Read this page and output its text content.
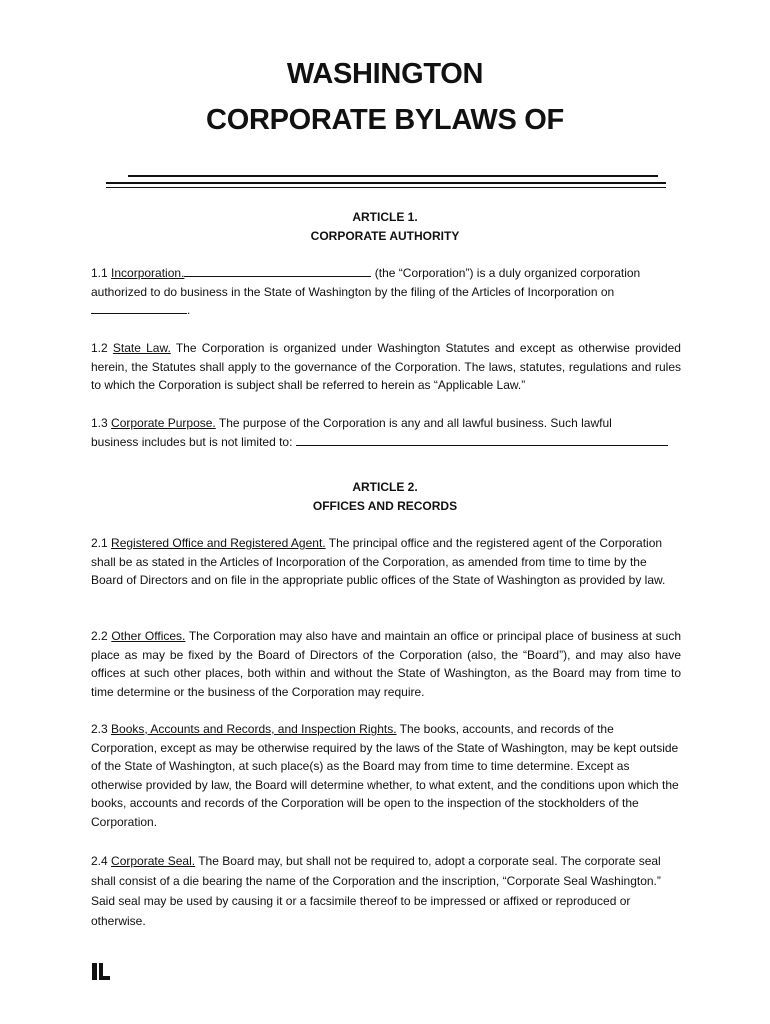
WASHINGTON
CORPORATE BYLAWS OF
ARTICLE 1.
CORPORATE AUTHORITY
1.1 Incorporation.	(the “Corporation”) is a duly organized corporation
authorized to do business in the State of Washington by the filing of the Articles of Incorporation on
.
1.2 State Law. The Corporation is organized under Washington Statutes and except as otherwise provided herein, the Statutes shall apply to the governance of the Corporation. The laws, statutes, regulations and rules to which the Corporation is subject shall be referred to herein as “Applicable Law.”
1.3 Corporate Purpose. The purpose of the Corporation is any and all lawful business. Such lawful
business includes but is not limited to:
ARTICLE 2.
OFFICES AND RECORDS
2.1 Registered Office and Registered Agent. The principal office and the registered agent of the Corporation shall be as stated in the Articles of Incorporation of the Corporation, as amended from time to time by the Board of Directors and on file in the appropriate public offices of the State of Washington as provided by law.
2.2 Other Offices. The Corporation may also have and maintain an office or principal place of business at such place as may be fixed by the Board of Directors of the Corporation (also, the “Board”), and may also have offices at such other places, both within and without the State of Washington, as the Board may from time to time determine or the business of the Corporation may require.
2.3 Books, Accounts and Records, and Inspection Rights. The books, accounts, and records of the Corporation, except as may be otherwise required by the laws of the State of Washington, may be kept outside of the State of Washington, at such place(s) as the Board may from time to time determine. Except as otherwise provided by law, the Board will determine whether, to what extent, and the conditions upon which the books, accounts and records of the Corporation will be open to the inspection of the stockholders of the Corporation.
2.4 Corporate Seal. The Board may, but shall not be required to, adopt a corporate seal. The corporate seal shall consist of a die bearing the name of the Corporation and the inscription, “Corporate Seal Washington.” Said seal may be used by causing it or a facsimile thereof to be impressed or affixed or reproduced or otherwise.
